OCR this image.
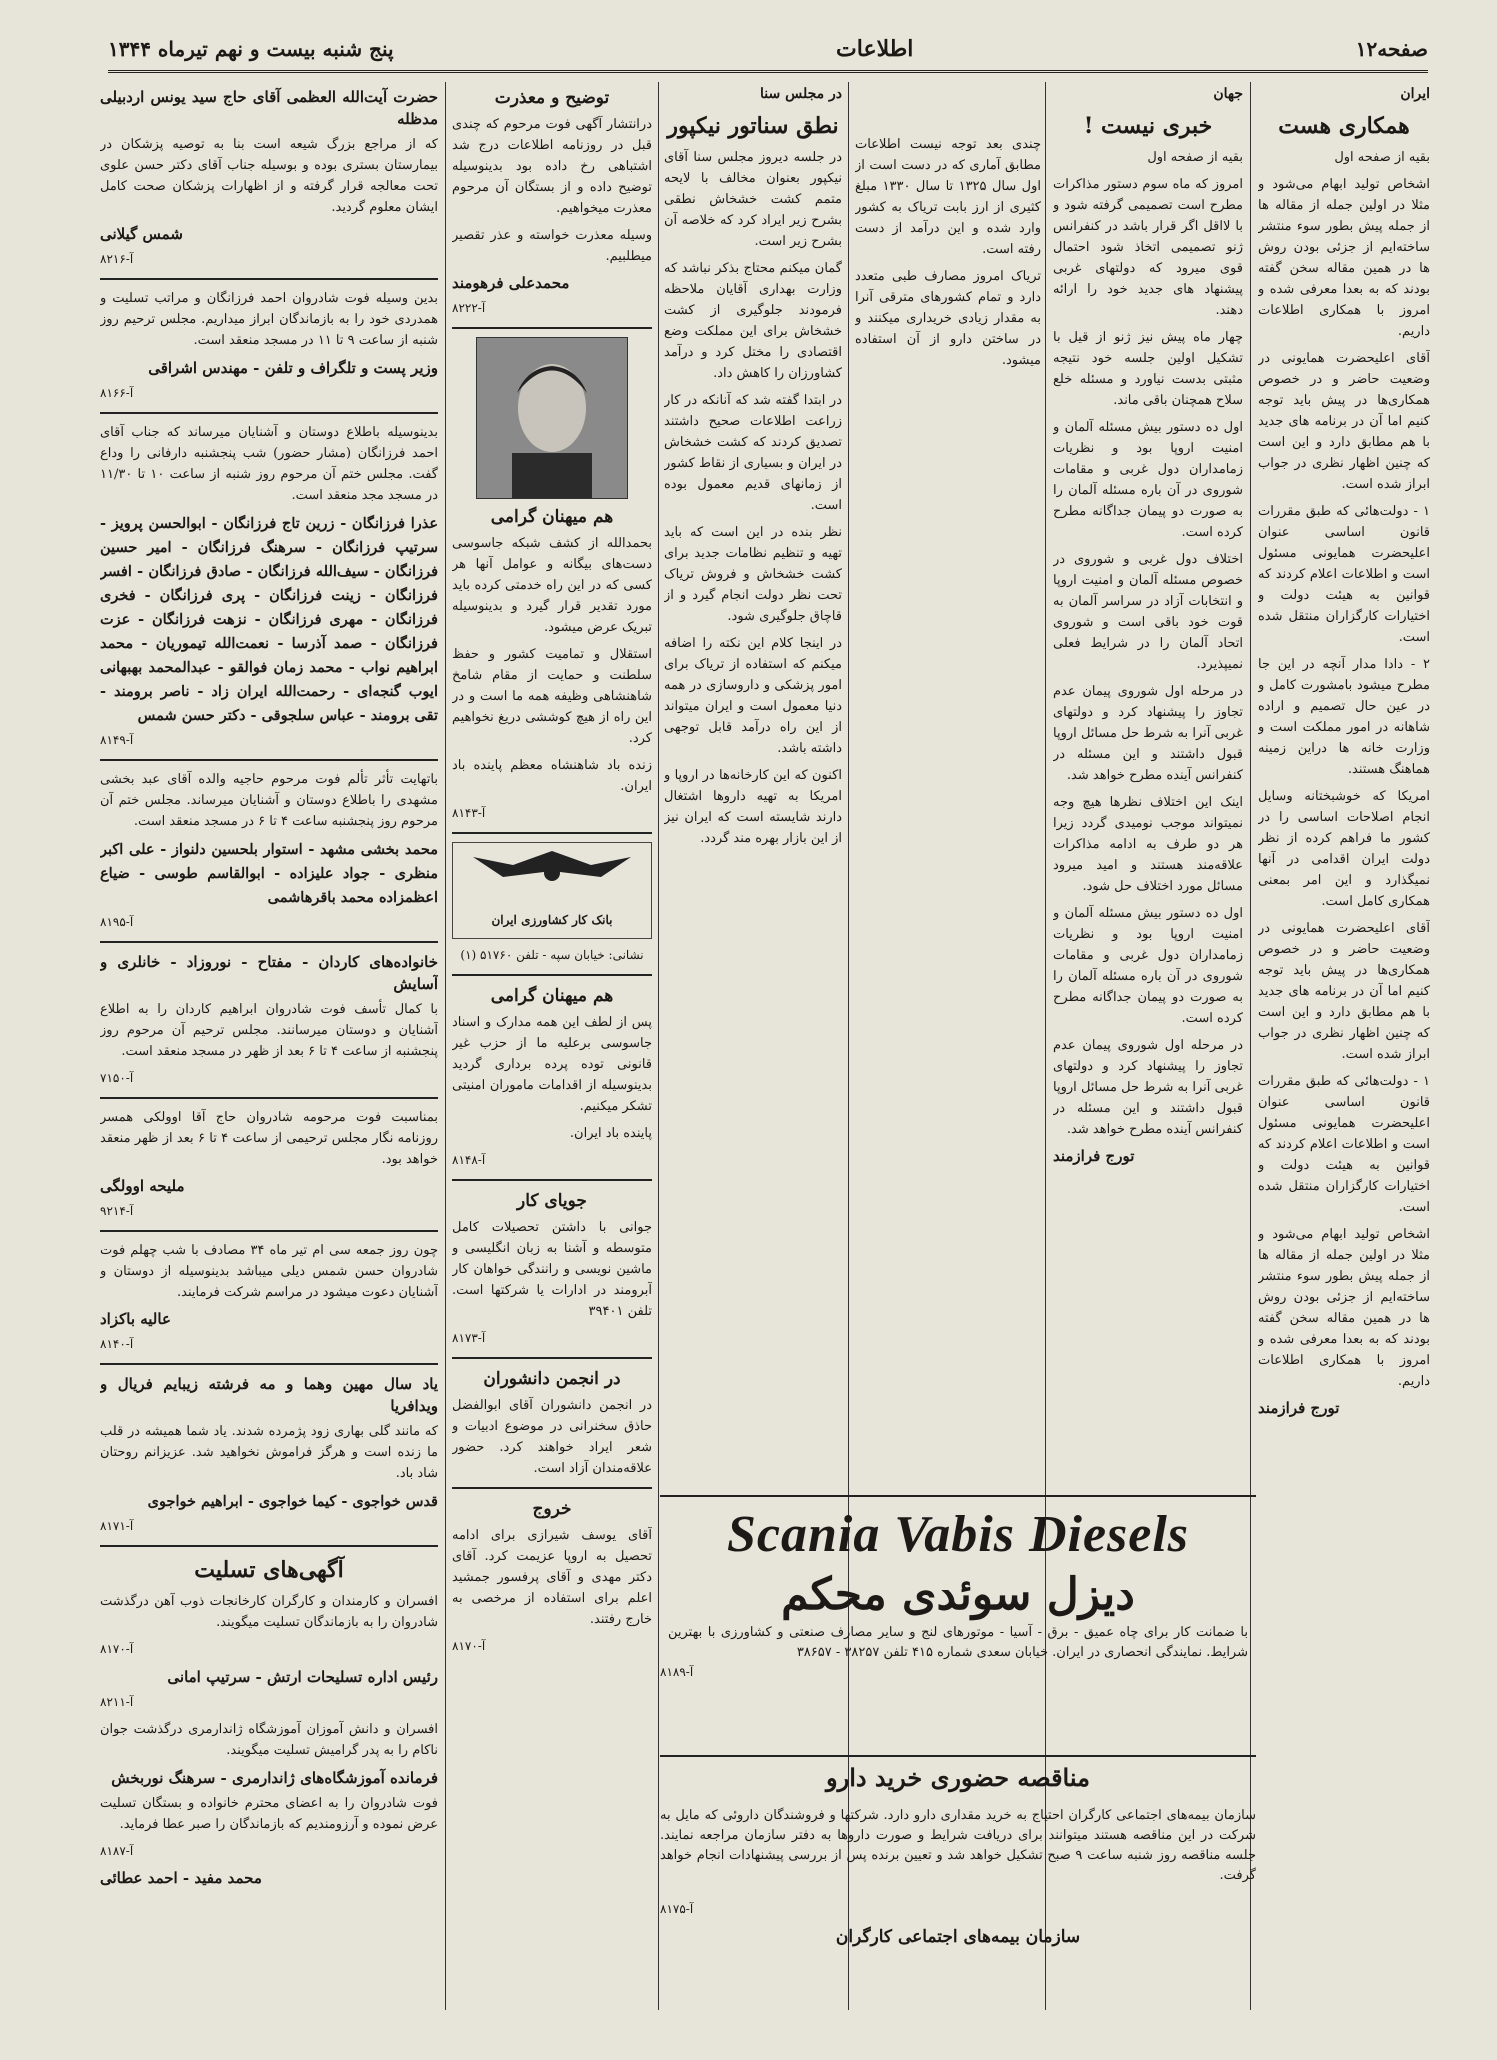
صفحه۱۲
اطلاعات
پنج شنبه بیست و نهم تیرماه ۱۳۴۴
ایران
همکاری هست

بقیه از صفحه اول

اشخاص تولید ابهام می‌شود و مثلا در اولین جمله از مقاله ها از جمله پیش بطور سوء منتشر ساخته‌ایم از جزئی بودن روش ها در همین مقاله سخن گفته بودند که به بعدا معرفی شده و امروز با همکاری اطلاعات داریم.

آقای اعلیحضرت همایونی در وضعیت حاضر و در خصوص همکاری‌ها در پیش باید توجه کنیم اما آن در برنامه های جدید با هم مطابق دارد و این است که چنین اظهار نظری در جواب ابراز شده است.

۱ - دولت‌هائی که طبق مقررات قانون اساسی عنوان اعلیحضرت همایونی مسئول است و اطلاعات اعلام کردند که قوانین به هیئت دولت و اختیارات کارگزاران منتقل شده است.

۲ - دادا مدار آنچه در این جا مطرح میشود بامشورت کامل و در عین حال تصمیم و اراده شاهانه در امور مملکت است و وزارت خانه ها دراین زمینه هماهنگ هستند.

امریکا که خوشبختانه وسایل انجام اصلاحات اساسی را در کشور ما فراهم کرده از نظر دولت ایران اقدامی در آنها نمیگذارد و این امر بمعنی همکاری کامل است.

آقای اعلیحضرت همایونی در وضعیت حاضر و در خصوص همکاری‌ها در پیش باید توجه کنیم اما آن در برنامه های جدید با هم مطابق دارد و این است که چنین اظهار نظری در جواب ابراز شده است.

۱ - دولت‌هائی که طبق مقررات قانون اساسی عنوان اعلیحضرت همایونی مسئول است و اطلاعات اعلام کردند که قوانین به هیئت دولت و اختیارات کارگزاران منتقل شده است.

اشخاص تولید ابهام می‌شود و مثلا در اولین جمله از مقاله ها از جمله پیش بطور سوء منتشر ساخته‌ایم از جزئی بودن روش ها در همین مقاله سخن گفته بودند که به بعدا معرفی شده و امروز با همکاری اطلاعات داریم.

تورج فرازمند
جهان
خبری نیست !

بقیه از صفحه اول

امروز که ماه سوم دستور مذاکرات مطرح است تصمیمی گرفته شود و با لااقل اگر قرار باشد در کنفرانس ژنو تصمیمی اتخاذ شود احتمال قوی میرود که دولتهای غربی پیشنهاد های جدید خود را ارائه دهند.

چهار ماه پیش نیز ژنو از قیل با تشکیل اولین جلسه خود نتیجه مثبتی بدست نیاورد و مسئله خلع سلاح همچنان باقی ماند.

اول ده دستور بیش مسئله آلمان و امنیت اروپا بود و نظریات زمامداران دول غربی و مقامات شوروی در آن باره مسئله آلمان را به صورت دو پیمان جداگانه مطرح کرده است.

اختلاف دول غربی و شوروی در خصوص مسئله آلمان و امنیت اروپا و انتخابات آزاد در سراسر آلمان به قوت خود باقی است و شوروی اتحاد آلمان را در شرایط فعلی نمیپذیرد.

در مرحله اول شوروی پیمان عدم تجاوز را پیشنهاد کرد و دولتهای غربی آنرا به شرط حل مسائل اروپا قبول داشتند و این مسئله در کنفرانس آینده مطرح خواهد شد.

اینک این اختلاف نظرها هیچ وجه نمیتواند موجب نومیدی گردد زیرا هر دو طرف به ادامه مذاکرات علاقه‌مند هستند و امید میرود مسائل مورد اختلاف حل شود.

اول ده دستور بیش مسئله آلمان و امنیت اروپا بود و نظریات زمامداران دول غربی و مقامات شوروی در آن باره مسئله آلمان را به صورت دو پیمان جداگانه مطرح کرده است.

در مرحله اول شوروی پیمان عدم تجاوز را پیشنهاد کرد و دولتهای غربی آنرا به شرط حل مسائل اروپا قبول داشتند و این مسئله در کنفرانس آینده مطرح خواهد شد.

تورج فرازمند
در مجلس سنا
نطق سناتور نیکپور

در جلسه دیروز مجلس سنا آقای نیکپور بعنوان مخالف با لایحه متمم کشت خشخاش نطقی بشرح زیر ایراد کرد که خلاصه آن بشرح زیر است.

گمان میکنم محتاج بذکر نباشد که وزارت بهداری آقایان ملاحظه فرمودند جلوگیری از کشت خشخاش برای این مملکت وضع اقتصادی را مختل کرد و درآمد کشاورزان را کاهش داد.

در ابتدا گفته شد که آنانکه در کار زراعت اطلاعات صحیح داشتند تصدیق کردند که کشت خشخاش در ایران و بسیاری از نقاط کشور از زمانهای قدیم معمول بوده است.

نظر بنده در این است که باید تهیه و تنظیم نظامات جدید برای کشت خشخاش و فروش تریاک تحت نظر دولت انجام گیرد و از قاچاق جلوگیری شود.

در اینجا کلام این نکته را اضافه میکنم که استفاده از تریاک برای امور پزشکی و داروسازی در همه دنیا معمول است و ایران میتواند از این راه درآمد قابل توجهی داشته باشد.

اکنون که این کارخانه‌ها در اروپا و امریکا به تهیه داروها اشتغال دارند شایسته است که ایران نیز از این بازار بهره مند گردد.

چندی بعد توجه نیست اطلاعات مطابق آماری که در دست است از اول سال ۱۳۲۵ تا سال ۱۳۳۰ مبلغ کثیری از ارز بابت تریاک به کشور وارد شده و این درآمد از دست رفته است.

تریاک امروز مصارف طبی متعدد دارد و تمام کشورهای مترقی آنرا به مقدار زیادی خریداری میکنند و در ساختن دارو از آن استفاده میشود.

توضیح و معذرت

درانتشار آگهی فوت مرحوم که چندی قبل در روزنامه اطلاعات درج شد اشتباهی رخ داده بود بدینوسیله توضیح داده و از بستگان آن مرحوم معذرت میخواهیم.

وسیله معذرت خواسته و عذر تقصیر میطلبیم.

محمدعلی فرهومند
آ-۸۲۲۲
هم میهنان گرامی

بحمدالله از کشف شبکه جاسوسی دست‌های بیگانه و عوامل آنها هر کسی که در این راه خدمتی کرده باید مورد تقدیر قرار گیرد و بدینوسیله تبریک عرض میشود.

استقلال و تمامیت کشور و حفظ سلطنت و حمایت از مقام شامخ شاهنشاهی وظیفه همه ما است و در این راه از هیچ کوششی دریغ نخواهیم کرد.

زنده باد شاهنشاه معظم پاینده باد ایران.

آ-۸۱۴۳
بانک کار کشاورزی ایران
نشانی: خیابان سپه - تلفن ۵۱۷۶۰ (۱)
هم میهنان گرامی

پس از لطف این همه مدارک و اسناد جاسوسی برعلیه ما از حزب غیر قانونی توده پرده برداری گردید بدینوسیله از اقدامات ماموران امنیتی تشکر میکنیم.

پاینده باد ایران.

آ-۸۱۴۸
جویای کار

جوانی با داشتن تحصیلات کامل متوسطه و آشنا به زبان انگلیسی و ماشین نویسی و رانندگی خواهان کار آبرومند در ادارات یا شرکتها است. تلفن ۳۹۴۰۱

آ-۸۱۷۳
در انجمن دانشوران

در انجمن دانشوران آقای ابوالفضل حاذق سخنرانی در موضوع ادبیات و شعر ایراد خواهند کرد. حضور علاقه‌مندان آزاد است.

خروج

آقای یوسف شیرازی برای ادامه تحصیل به اروپا عزیمت کرد. آقای دکتر مهدی و آقای پرفسور جمشید اعلم برای استفاده از مرخصی به خارج رفتند.

آ-۸۱۷۰
حضرت آیت‌الله العظمی آقای حاج سید یونس اردبیلی مدظله

که از مراجع بزرگ شیعه است بنا به توصیه پزشکان در بیمارستان بستری بوده و بوسیله جناب آقای دکتر حسن علوی تحت معالجه قرار گرفته و از اظهارات پزشکان صحت کامل ایشان معلوم گردید.

شمس گیلانی
آ-۸۲۱۶

بدین وسیله فوت شادروان احمد فرزانگان و مراتب تسلیت و همدردی خود را به بازماندگان ابراز میداریم. مجلس ترحیم روز شنبه از ساعت ۹ تا ۱۱ در مسجد منعقد است.

وزیر پست و تلگراف و تلفن - مهندس اشراقی
آ-۸۱۶۶

بدینوسیله باطلاع دوستان و آشنایان میرساند که جناب آقای احمد فرزانگان (مشار حضور) شب پنجشنبه دارفانی را وداع گفت. مجلس ختم آن مرحوم روز شنبه از ساعت ۱۰ تا ۱۱/۳۰ در مسجد مجد منعقد است.

عذرا فرزانگان - زرین تاج فرزانگان - ابوالحسن پرویز - سرتیپ فرزانگان - سرهنگ فرزانگان - امیر حسین فرزانگان - سیف‌الله فرزانگان - صادق فرزانگان - افسر فرزانگان - زینت فرزانگان - پری فرزانگان - فخری فرزانگان - مهری فرزانگان - نزهت فرزانگان - عزت فرزانگان - صمد آذرسا - نعمت‌الله تیموریان - محمد ابراهیم نواب - محمد زمان فوالقو - عبدالمحمد بهبهانی ایوب گنجه‌ای - رحمت‌الله ایران زاد - ناصر برومند - تقی برومند - عباس سلجوقی - دکتر حسن شمس
آ-۸۱۴۹

باتهایت تأثر تألم فوت مرحوم حاجیه والده آقای عبد بخشی مشهدی را باطلاع دوستان و آشنایان میرساند. مجلس ختم آن مرحوم روز پنجشنبه ساعت ۴ تا ۶ در مسجد منعقد است.

محمد بخشی مشهد - استوار بلحسین دلنواز - علی اکبر منظری - جواد علیزاده - ابوالقاسم طوسی - ضیاع اعظمزاده محمد باقرهاشمی
آ-۸۱۹۵
خانواده‌های کاردان - مفتاح - نوروزاد - خانلری و آسایش

با کمال تأسف فوت شادروان ابراهیم کاردان را به اطلاع آشنایان و دوستان میرسانند. مجلس ترحیم آن مرحوم روز پنجشنبه از ساعت ۴ تا ۶ بعد از ظهر در مسجد منعقد است.

آ-۷۱۵۰

بمناسبت فوت مرحومه شادروان حاج آقا اوولکی همسر روزنامه نگار مجلس ترحیمی از ساعت ۴ تا ۶ بعد از ظهر منعقد خواهد بود.

ملیحه اوولگی
آ-۹۲۱۴

چون روز جمعه سی ام تیر ماه ۳۴ مصادف با شب چهلم فوت شادروان حسن شمس دیلی میباشد بدینوسیله از دوستان و آشنایان دعوت میشود در مراسم شرکت فرمایند.

عالیه باکزاد
آ-۸۱۴۰
یاد سال مهین وهما و مه فرشته زیبایم فریال و ویدافریا

که مانند گلی بهاری زود پژمرده شدند. یاد شما همیشه در قلب ما زنده است و هرگز فراموش نخواهید شد. عزیزانم روحتان شاد باد.

قدس خواجوی - کیما خواجوی - ابراهیم خواجوی
آ-۸۱۷۱
آگهی‌های تسلیت

افسران و کارمندان و کارگران کارخانجات ذوب آهن درگذشت شادروان را به بازماندگان تسلیت میگویند.

آ-۸۱۷۰
رئیس اداره تسلیحات ارتش - سرتیپ امانی
آ-۸۲۱۱

افسران و دانش آموزان آموزشگاه ژاندارمری درگذشت جوان ناکام را به پدر گرامیش تسلیت میگویند.

فرمانده آموزشگاه‌های ژاندارمری - سرهنگ نوربخش

فوت شادروان را به اعضای محترم خانواده و بستگان تسلیت عرض نموده و آرزومندیم که بازماندگان را صبر عطا فرماید.

آ-۸۱۸۷
محمد مفید - احمد عطائی
Scania Vabis Diesels
دیزل سوئدی محکم
با ضمانت کار برای چاه عمیق - برق - آسیا - موتورهای لنج و سایر مصارف صنعتی و کشاورزی با بهترین شرایط. نمایندگی انحصاری در ایران. خیابان سعدی شماره ۴۱۵ تلفن ۳۸۲۵۷ - ۳۸۶۵۷
آ-۸۱۸۹
مناقصه حضوری خرید دارو

سازمان بیمه‌های اجتماعی کارگران احتیاج به خرید مقداری دارو دارد. شرکتها و فروشندگان داروئی که مایل به شرکت در این مناقصه هستند میتوانند برای دریافت شرایط و صورت داروها به دفتر سازمان مراجعه نمایند. جلسه مناقصه روز شنبه ساعت ۹ صبح تشکیل خواهد شد و تعیین برنده پس از بررسی پیشنهادات انجام خواهد گرفت.

آ-۸۱۷۵
سازمان بیمه‌های اجتماعی کارگران
